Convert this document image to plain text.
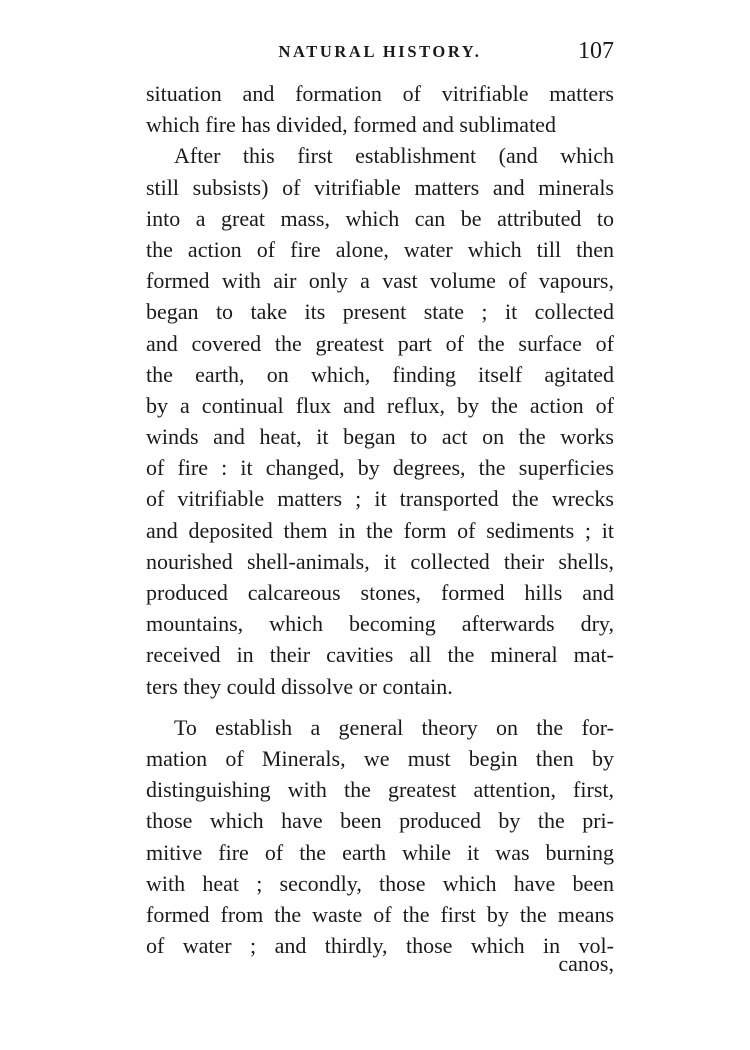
NATURAL HISTORY.	107
situation and formation of vitrifiable matters
which fire has divided, formed and sublimated
After this first establishment (and which
still subsists) of vitrifiable matters and minerals
into a great mass, which can be attributed to
the action of fire alone, water which till then
formed with air only a vast volume of vapours,
began to take its present state ; it collected
and covered the greatest part of the surface of
the earth, on which, finding itself agitated
by a continual flux and reflux, by the action of
winds and heat, it began to act on the works
of fire : it changed, by degrees, the superficies
of vitrifiable matters ; it transported the wrecks
and deposited them in the form of sediments ; it
nourished shell-animals, it collected their shells,
produced calcareous stones, formed hills and
mountains, which becoming afterwards dry,
received in their cavities all the mineral mat-
ters they could dissolve or contain.
To establish a general theory on the for-
mation of Minerals, we must begin then by
distinguishing with the greatest attention, first,
those which have been produced by the pri-
mitive fire of the earth while it was burning
with heat ; secondly, those which have been
formed from the waste of the first by the means
of water ; and thirdly, those which in vol-
canos,
